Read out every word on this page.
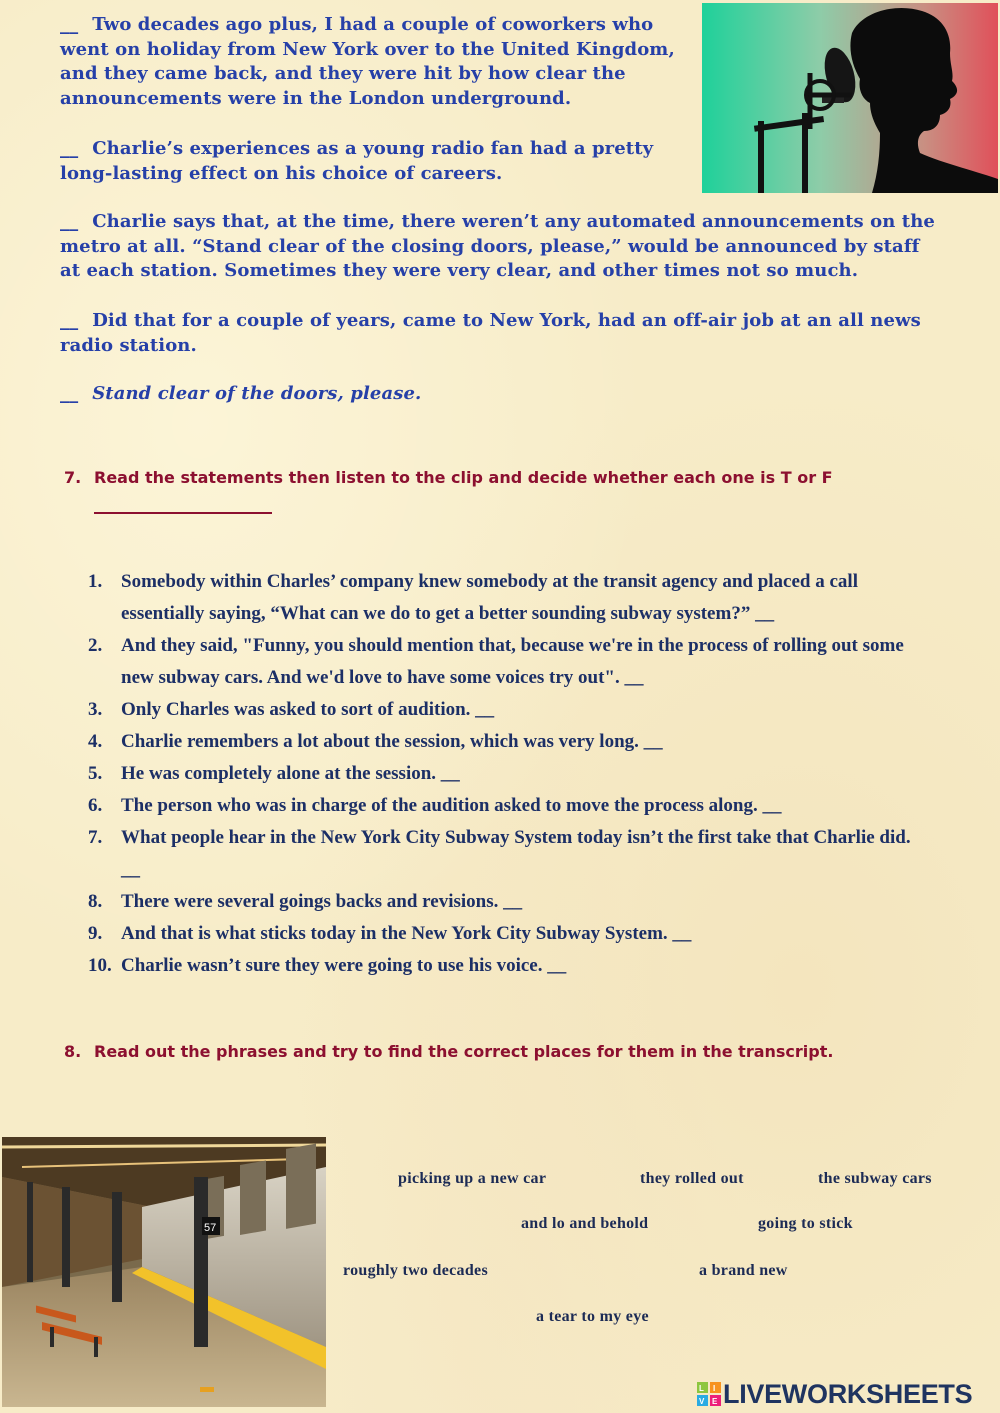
__ Two decades ago plus, I had a couple of coworkers who went on holiday from New York over to the United Kingdom, and they came back, and they were hit by how clear the announcements were in the London underground.
__ Charlie’s experiences as a young radio fan had a pretty long-lasting effect on his choice of careers.
__ Charlie says that, at the time, there weren’t any automated announcements on the metro at all. “Stand clear of the closing doors, please,” would be announced by staff at each station. Sometimes they were very clear, and other times not so much.
__ Did that for a couple of years, came to New York, had an off-air job at an all news radio station.
__ Stand clear of the doors, please.
7. Read the statements then listen to the clip and decide whether each one is T or F
1. Somebody within Charles’ company knew somebody at the transit agency and placed a call essentially saying, “What can we do to get a better sounding subway system?” __
2. And they said, "Funny, you should mention that, because we're in the process of rolling out some new subway cars. And we'd love to have some voices try out". __
3. Only Charles was asked to sort of audition. __
4. Charlie remembers a lot about the session, which was very long. __
5. He was completely alone at the session. __
6. The person who was in charge of the audition asked to move the process along. __
7. What people hear in the New York City Subway System today isn’t the first take that Charlie did. __
8. There were several goings backs and revisions. __
9. And that is what sticks today in the New York City Subway System. __
10. Charlie wasn’t sure they were going to use his voice. __
8. Read out the phrases and try to find the correct places for them in the transcript.
57
picking up a new car	they rolled out	the subway cars
and lo and behold	going to stick
roughly two decades	a brand new
a tear to my eye
L I
V E LIVEWORKSHEETS
